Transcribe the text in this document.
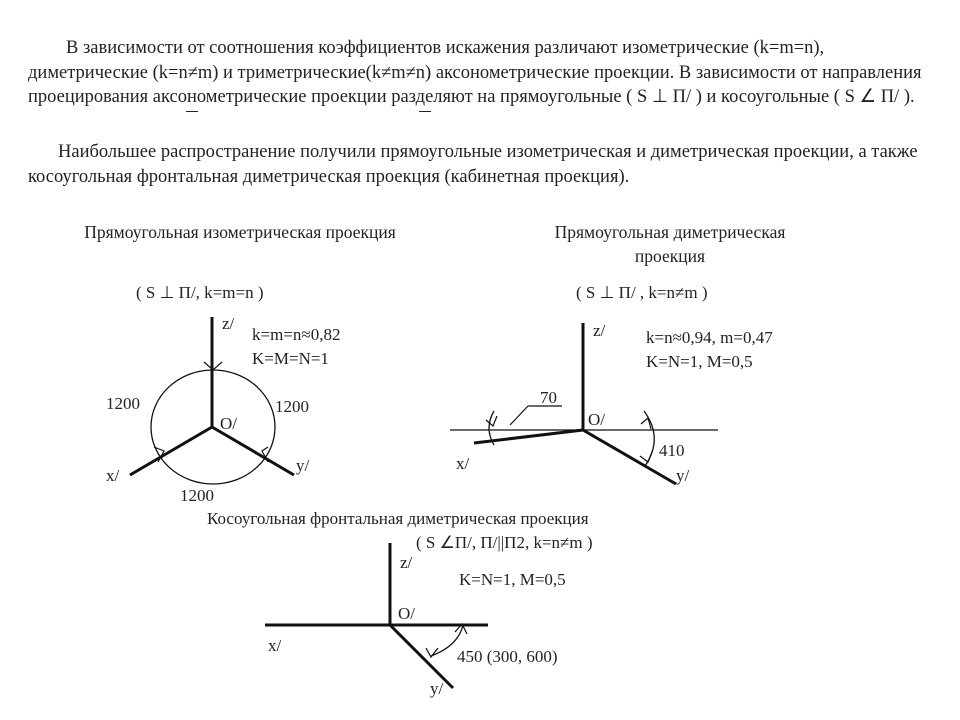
В зависимости от соотношения коэффициентов искажения различают изометрические (k=m=n), диметрические (k=n≠m) и триметрические(k≠m≠n) аксонометрические проекции. В зависимости от направления проецирования аксонометрические проекции разделяют на прямоугольные ( S ⊥ П/ ) и косоугольные ( S ∠ П/ ).

Наибольшее распространение получили прямоугольные изометрическая и диметрическая проекции, а также косоугольная фронтальная диметрическая проекция (кабинетная проекция).

Прямоугольная изометрическая проекция
( S ⊥ П/, k=m=n )
z/
k=m=n≈0,82
K=M=N=1
1200	1200
O/
y/
x/
1200
Прямоугольная диметрическая проекция
( S ⊥ П/ , k=n≠m )
z/ k=n≈0,94, m=0,47
K=N=1, M=0,5
70
O/
410
x/
y/
Косоугольная фронтальная диметрическая проекция
( S ∠П/, П/||П2, k=n≠m )
z/
K=N=1, M=0,5
O/
x/
450 (300, 600)
y/
